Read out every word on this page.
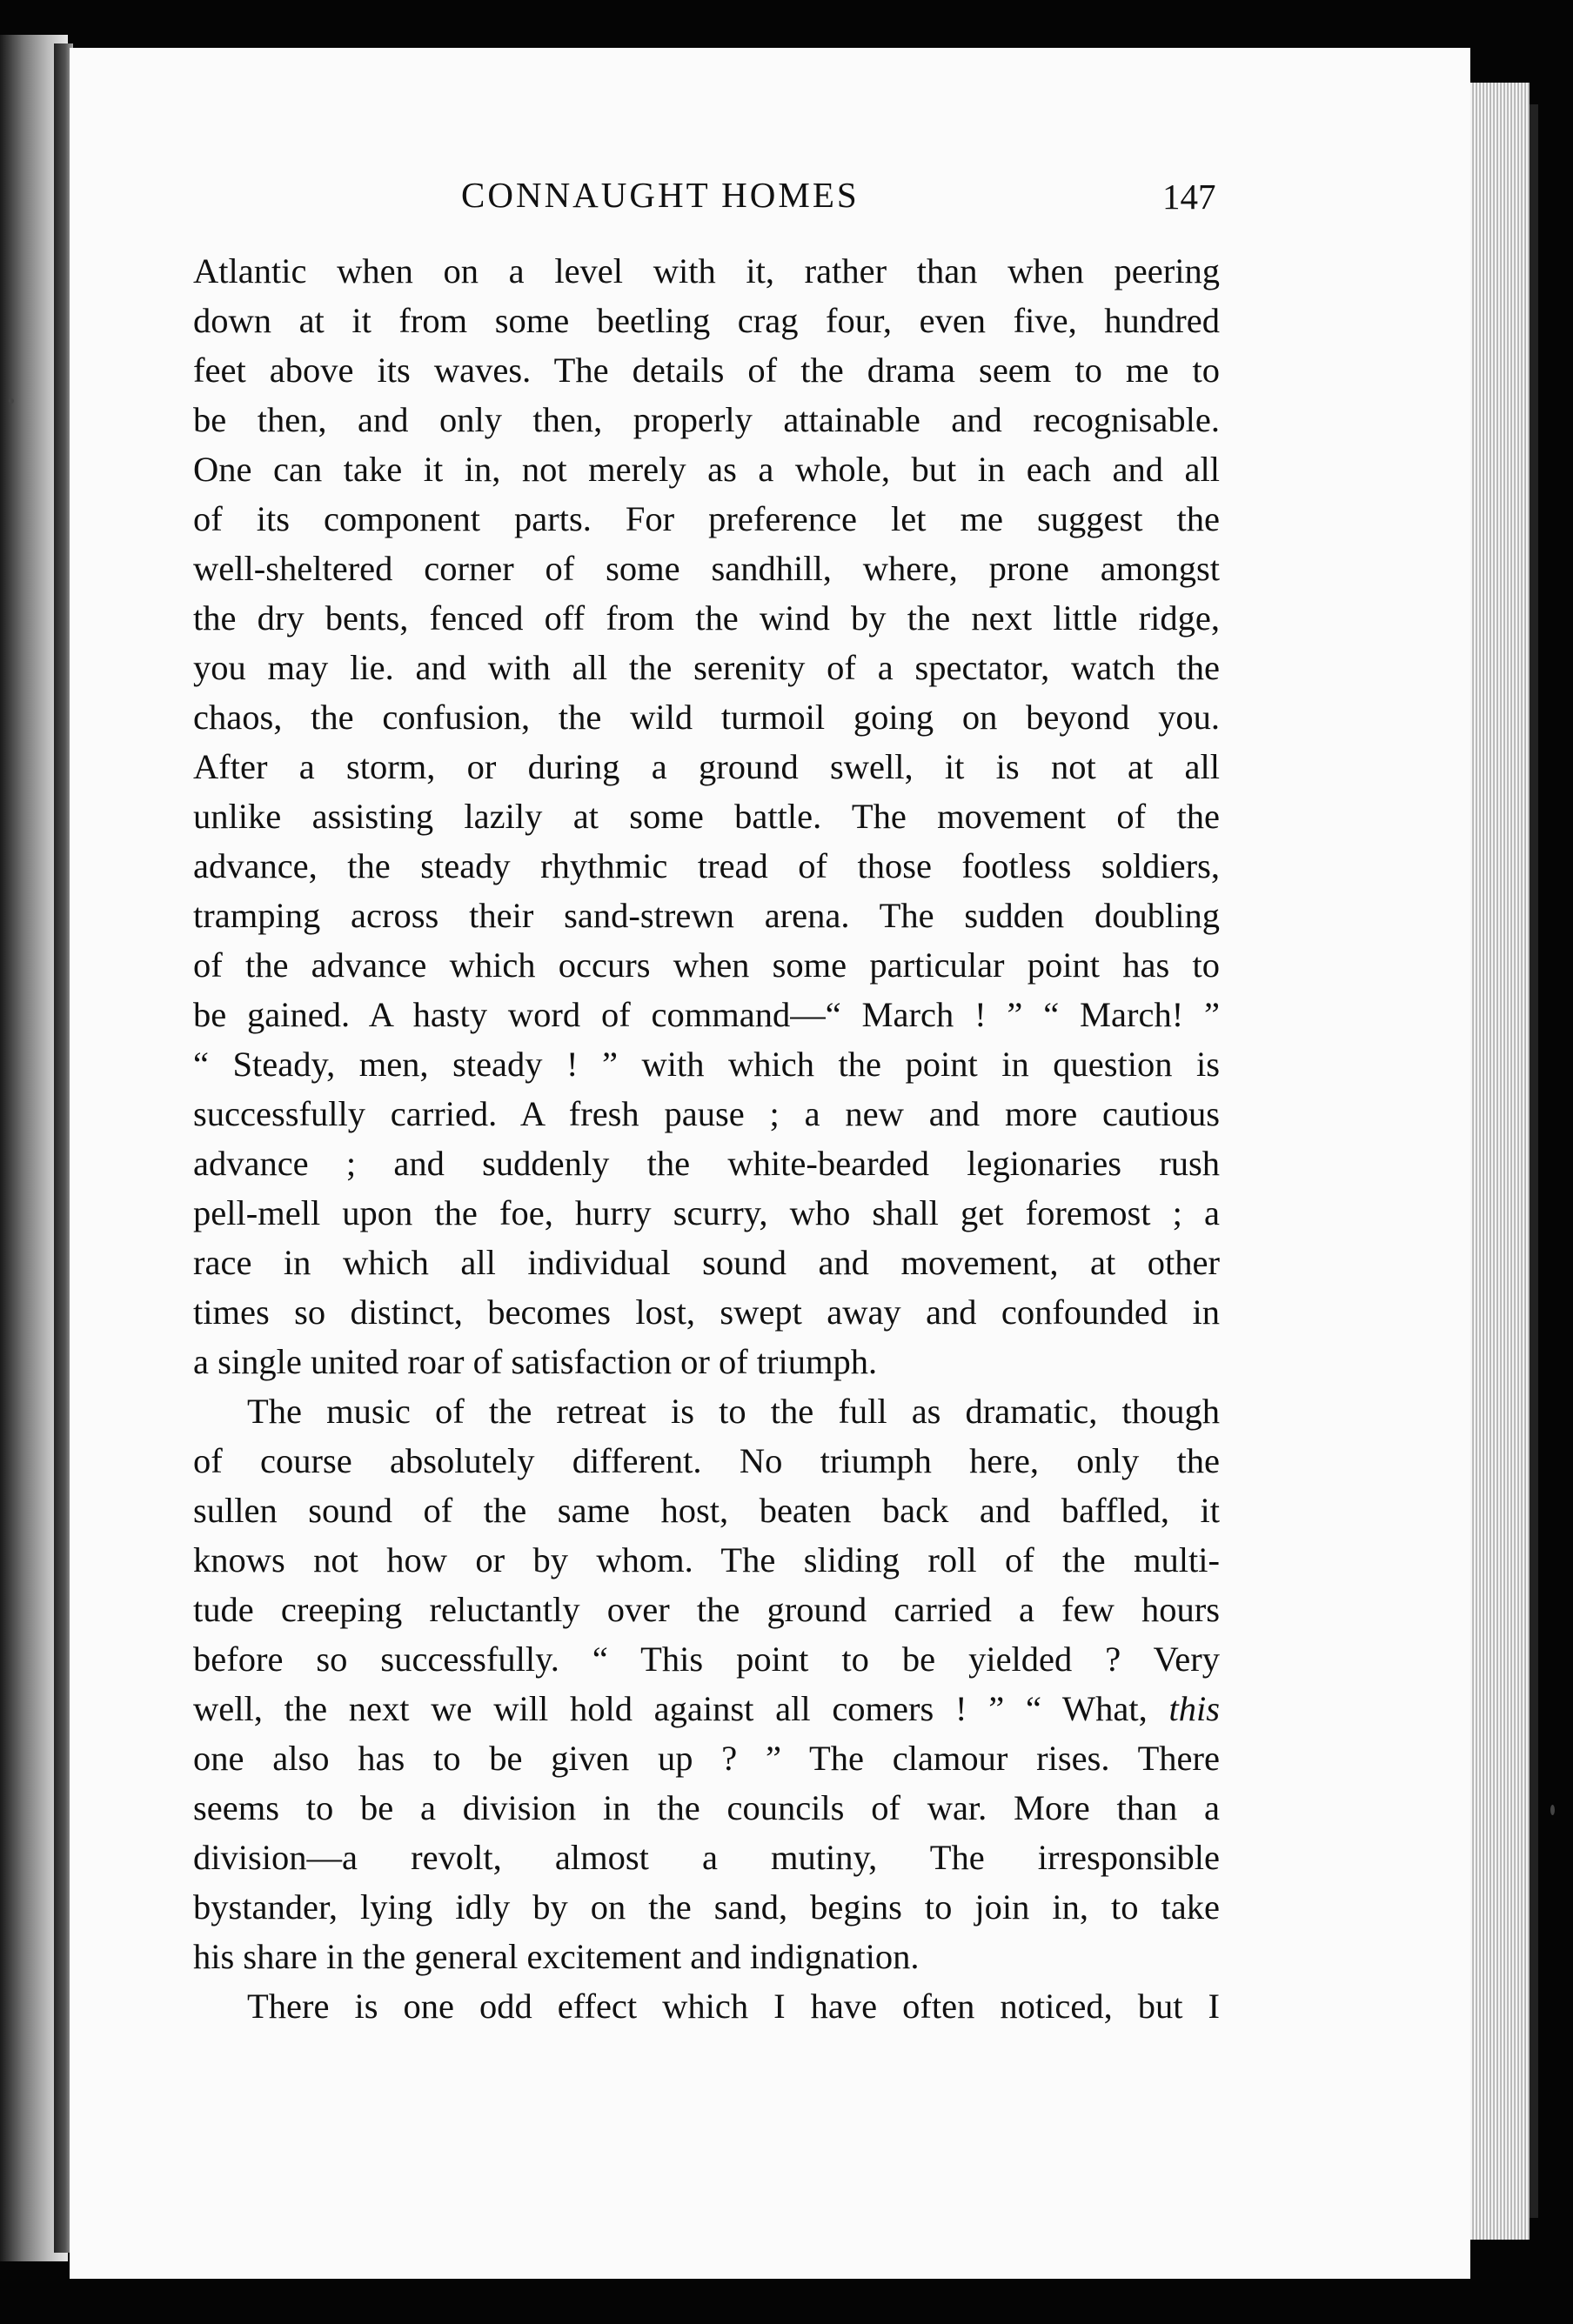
CONNAUGHT HOMES	147
Atlantic when on a level with it, rather than when peering
down at it from some beetling crag four, even five, hundred
feet above its waves. The details of the drama seem to me to
be then, and only then, properly attainable and recognisable.
One can take it in, not merely as a whole, but in each and all
of its component parts. For preference let me suggest the
well-sheltered corner of some sandhill, where, prone amongst
the dry bents, fenced off from the wind by the next little ridge,
you may lie. and with all the serenity of a spectator, watch the
chaos, the confusion, the wild turmoil going on beyond you.
After a storm, or during a ground swell, it is not at all
unlike assisting lazily at some battle. The movement of the
advance, the steady rhythmic tread of those footless soldiers,
tramping across their sand-strewn arena. The sudden doubling
of the advance which occurs when some particular point has to
be gained. A hasty word of command—“ March ! ” “ March! ”
“ Steady, men, steady ! ” with which the point in question is
successfully carried. A fresh pause ; a new and more cautious
advance ; and suddenly the white-bearded legionaries rush
pell-mell upon the foe, hurry scurry, who shall get foremost ; a
race in which all individual sound and movement, at other
times so distinct, becomes lost, swept away and confounded in
a single united roar of satisfaction or of triumph.
The music of the retreat is to the full as dramatic, though
of course absolutely different. No triumph here, only the
sullen sound of the same host, beaten back and baffled, it
knows not how or by whom. The sliding roll of the multi-
tude creeping reluctantly over the ground carried a few hours
before so successfully. “ This point to be yielded ? Very
well, the next we will hold against all comers ! ” “ What, this
one also has to be given up ? ” The clamour rises. There
seems to be a division in the councils of war. More than a
division—a revolt, almost a mutiny, The irresponsible
bystander, lying idly by on the sand, begins to join in, to take
his share in the general excitement and indignation.
There is one odd effect which I have often noticed, but I
